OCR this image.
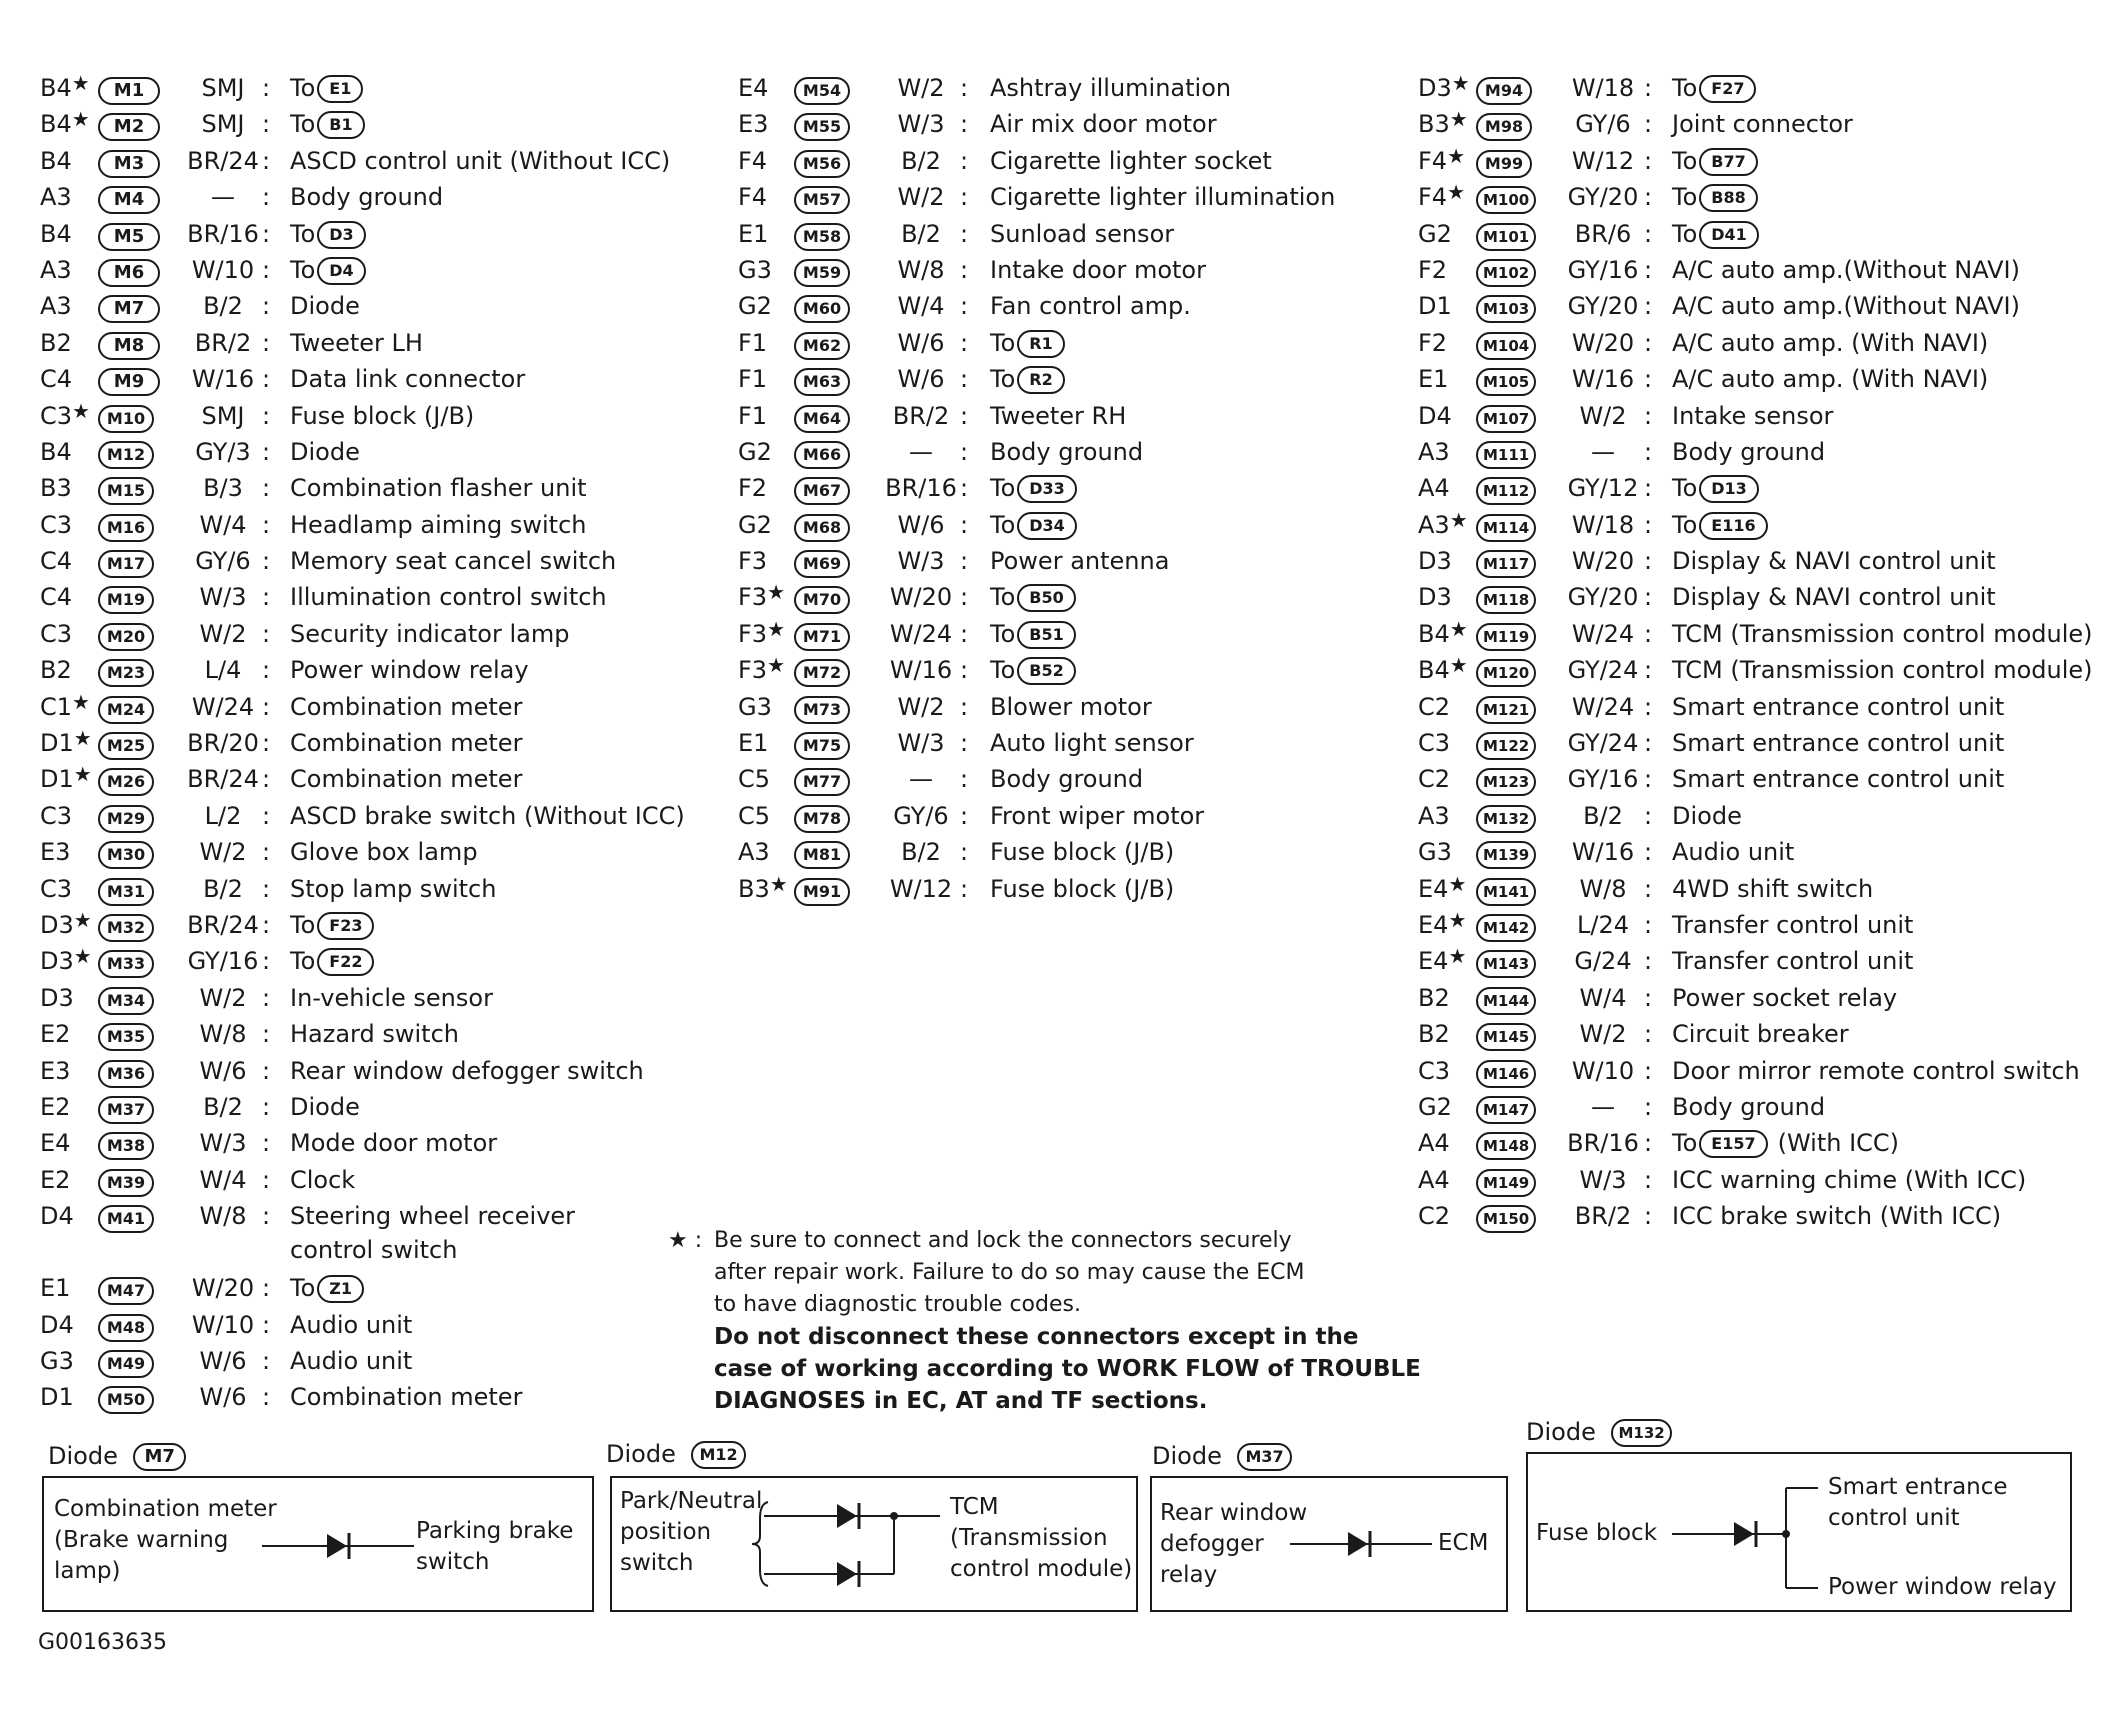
B4★	M1	SMJ : To E1
B4★	M2	SMJ : To B1
B4	M3	BR/24 : ASCD control unit (Without ICC)
A3	M4	—	: Body ground
B4	M5	BR/16 : To D3
A3	M6	W/10 : To D4
A3	M7	B/2 : Diode
B2	M8	BR/2 : Tweeter LH
C4	M9	W/16 : Data link connector
C3★	M10	SMJ : Fuse block (J/B)
B4	M12	GY/3 : Diode
B3	M15	B/3 : Combination flasher unit
C3	M16	W/4 : Headlamp aiming switch
C4	M17	GY/6 : Memory seat cancel switch
C4	M19	W/3 : Illumination control switch
C3	M20	W/2 : Security indicator lamp
B2	M23	L/4 : Power window relay
C1★	M24	W/24 : Combination meter
D1★ M25	BR/20 : Combination meter
D1★ M26	BR/24 : Combination meter
C3	M29	L/2 : ASCD brake switch (Without ICC)
E3	M30	W/2 : Glove box lamp
C3	M31	B/2 : Stop lamp switch
D3★ M32	BR/24 : To F23
D3★ M33	GY/16 : To F22
D3	M34	W/2 : In-vehicle sensor
E2	M35	W/8 : Hazard switch
E3	M36	W/6 : Rear window defogger switch
E2	M37	B/2 : Diode
E4	M38	W/3 : Mode door motor
E2	M39	W/4 : Clock
D4	M41	W/8 : Steering wheel receiver
control switch
E1	M47	W/20 : To Z1
D4	M48	W/10 : Audio unit
G3	M49	W/6 : Audio unit
D1	M50	W/6 : Combination meter
E4	M54	W/2 : Ashtray illumination
E3	M55	W/3 : Air mix door motor
F4	M56	B/2 : Cigarette lighter socket
F4	M57	W/2 : Cigarette lighter illumination
E1	M58	B/2 : Sunload sensor
G3	M59	W/8 : Intake door motor
G2	M60	W/4 : Fan control amp.
F1	M62	W/6 : To R1
F1	M63	W/6 : To R2
F1	M64	BR/2 : Tweeter RH
G2	M66	—	: Body ground
F2	M67	BR/16 : To D33
G2	M68	W/6 : To D34
F3	M69	W/3 : Power antenna
F3★	M70	W/20 : To B50
F3★	M71	W/24 : To B51
F3★	M72	W/16 : To B52
G3	M73	W/2 : Blower motor
E1	M75	W/3 : Auto light sensor
C5	M77	—	: Body ground
C5	M78	GY/6 : Front wiper motor
A3	M81	B/2 : Fuse block (J/B)
B3★ M91	W/12 : Fuse block (J/B)
D3★ M94	W/18 : To F27
B3★	M98	GY/6 : Joint connector
F4★	M99	W/12 : To B77
F4★	M100	GY/20 : To B88
G2	M101	BR/6 : To D41
F2	M102	GY/16 : A/C auto amp.(Without NAVI)
D1	M103	GY/20 : A/C auto amp.(Without NAVI)
F2	M104	W/20 : A/C auto amp. (With NAVI)
E1	M105	W/16 : A/C auto amp. (With NAVI)
D4	M107	W/2 : Intake sensor
A3	M111	—	: Body ground
A4	M112	GY/12 : To D13
A3★	M114	W/18 : To E116
D3	M117	W/20 : Display & NAVI control unit
D3	M118	GY/20 : Display & NAVI control unit
B4★	M119	W/24 : TCM (Transmission control module)
B4★	M120	GY/24 : TCM (Transmission control module)
C2	M121	W/24 : Smart entrance control unit
C3	M122	GY/24 : Smart entrance control unit
C2	M123	GY/16 : Smart entrance control unit
A3	M132	B/2 : Diode
G3	M139	W/16 : Audio unit
E4★	M141	W/8 : 4WD shift switch
E4★	M142	L/24 : Transfer control unit
E4★	M143	G/24 : Transfer control unit
B2	M144	W/4 : Power socket relay
B2	M145	W/2 : Circuit breaker
C3	M146	W/10 : Door mirror remote control switch
G2	M147	—	: Body ground
A4	M148	BR/16 : To E157 (With ICC)
A4	M149	W/3 : ICC warning chime (With ICC)
C2	M150	BR/2 : ICC brake switch (With ICC)
★ : Be sure to connect and lock the connectors securely
after repair work. Failure to do so may cause the ECM
to have diagnostic trouble codes.
Do not disconnect these connectors except in the
case of working according to WORK FLOW of TROUBLE
DIAGNOSES in EC, AT and TF sections.
Diode M7
Combination meter
(Brake warning
lamp)
Parking brake
switch
Diode M12
Park/Neutral
position
switch
TCM
(Transmission
control module)
Diode M37
Rear window
defogger
relay
ECM
Diode M132
Fuse block
Smart entrance
control unit
Power window relay
G00163635
